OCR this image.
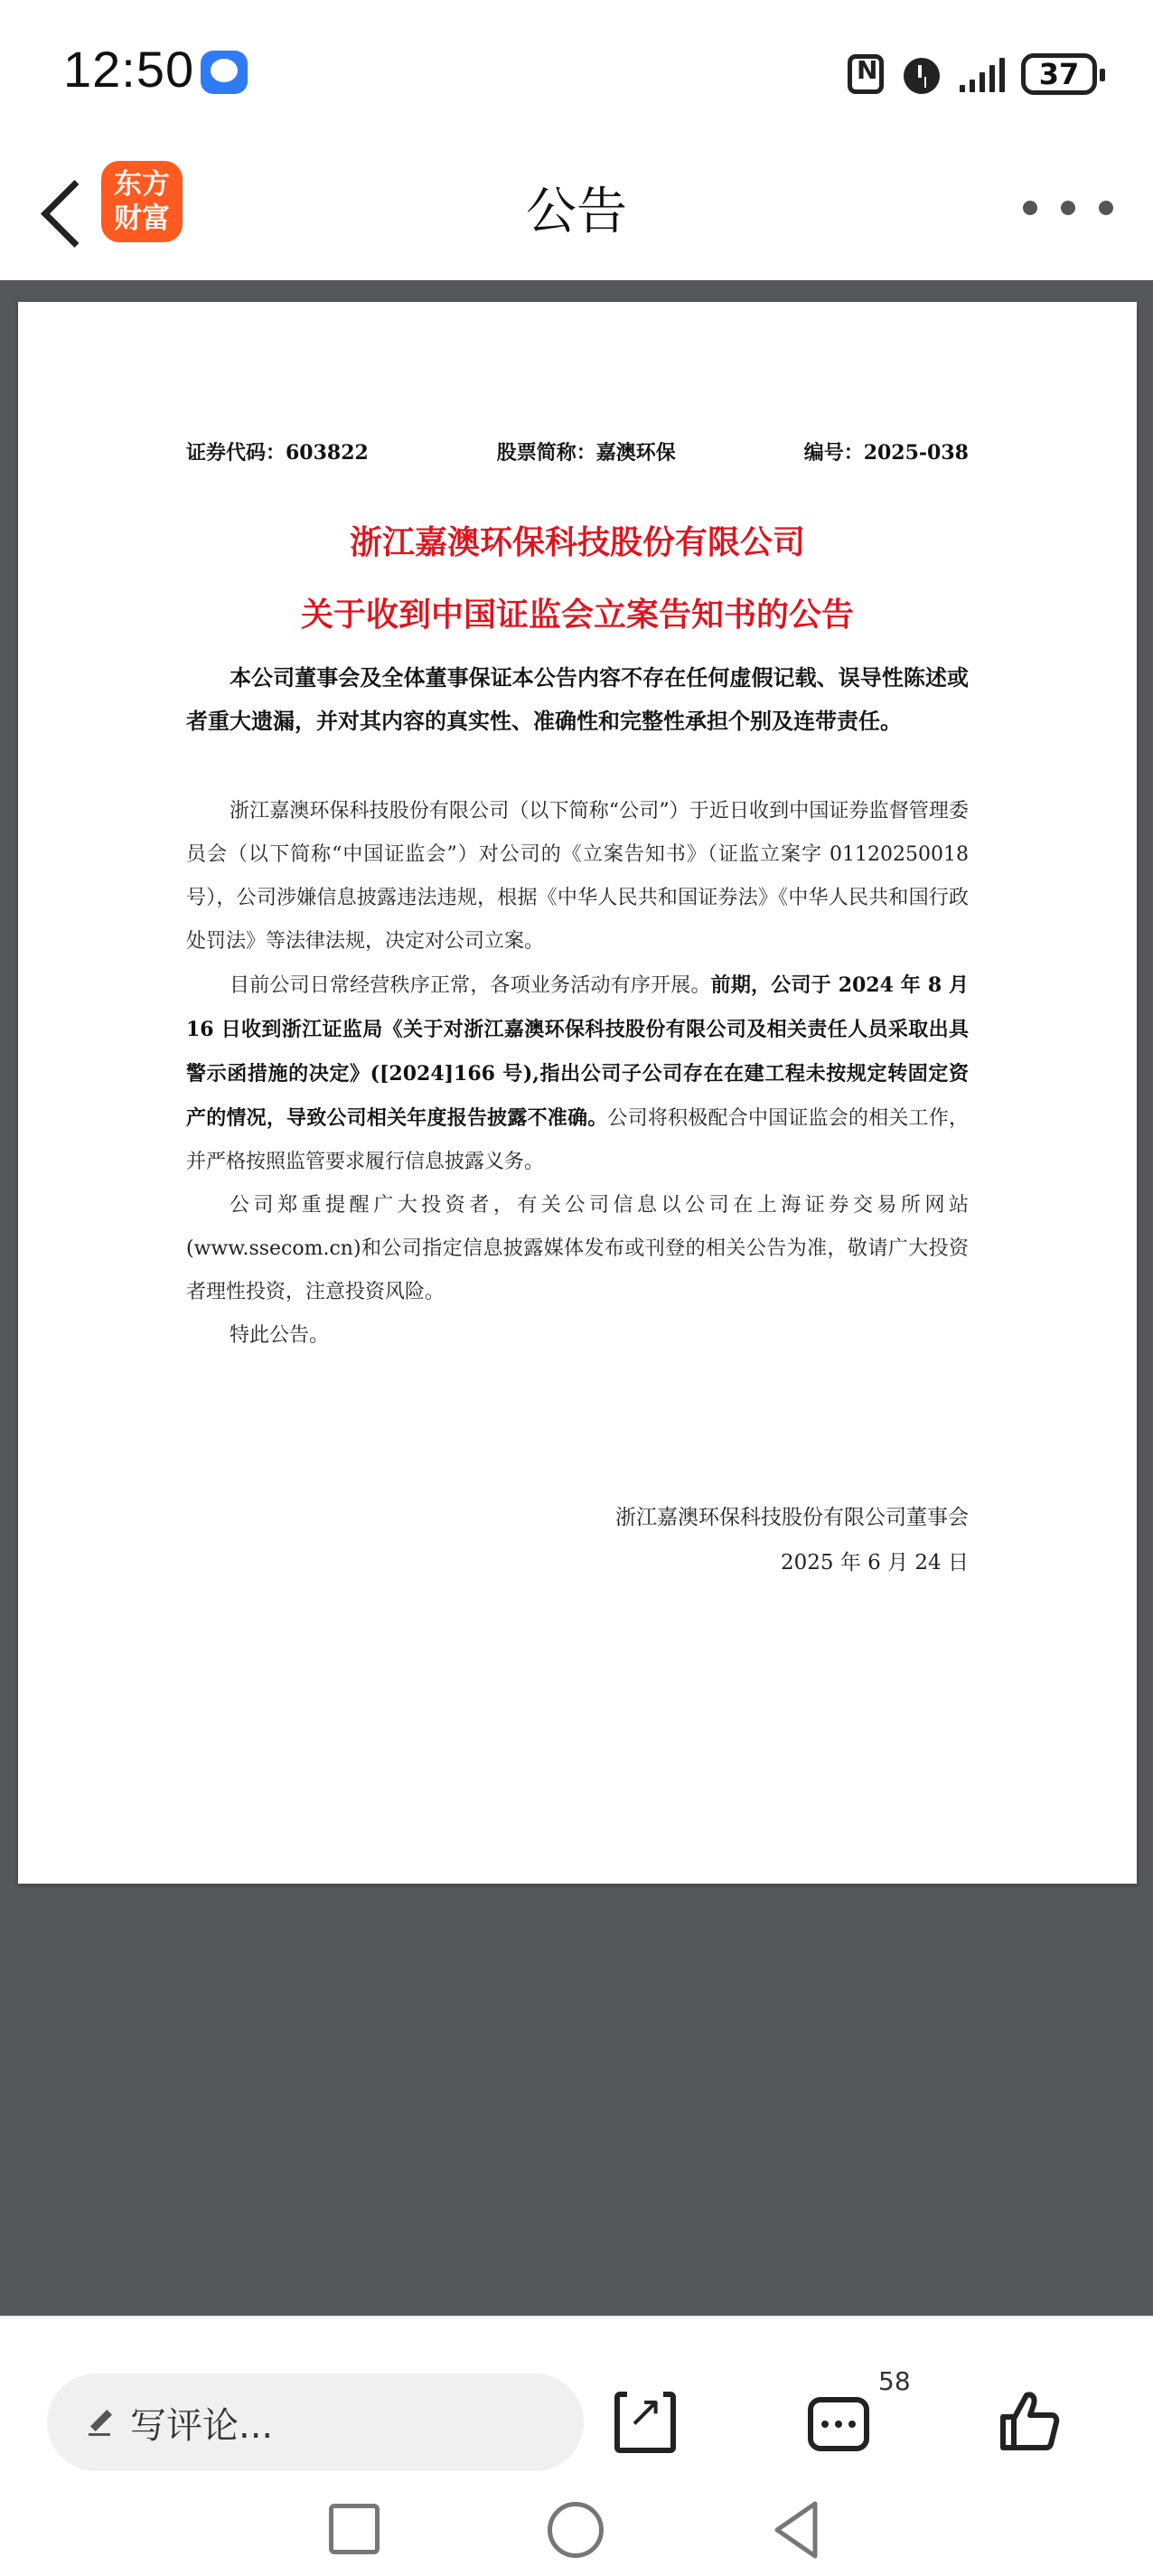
12:50
N	37
东方
财富	公告
证券代码：603822	股票简称：嘉澳环保	编号：2025-038
浙江嘉澳环保科技股份有限公司
关于收到中国证监会立案告知书的公告
本公司董事会及全体董事保证本公告内容不存在任何虚假记载、误导性陈述或者重大遗漏，并对其内容的真实性、准确性和完整性承担个别及连带责任。

浙江嘉澳环保科技股份有限公司（以下简称“公司”）于近日收到中国证券监督管理委员会（以下简称“中国证监会”）对公司的《立案告知书》（证监立案字 01120250018 号），公司涉嫌信息披露违法违规，根据《中华人民共和国证券法》《中华人民共和国行政处罚法》等法律法规，决定对公司立案。

目前公司日常经营秩序正常，各项业务活动有序开展。前期，公司于 2024 年 8 月 16 日收到浙江证监局《关于对浙江嘉澳环保科技股份有限公司及相关责任人员采取出具警示函措施的决定》([2024]166 号),指出公司子公司存在在建工程未按规定转固定资产的情况，导致公司相关年度报告披露不准确。公司将积极配合中国证监会的相关工作，并严格按照监管要求履行信息披露义务。

公司郑重提醒广大投资者，有关公司信息以公司在上海证券交易所网站(www.ssecom.cn)和公司指定信息披露媒体发布或刊登的相关公告为准，敬请广大投资者理性投资，注意投资风险。

特此公告。

浙江嘉澳环保科技股份有限公司董事会
2025 年 6 月 24 日
写评论...
↗
58
